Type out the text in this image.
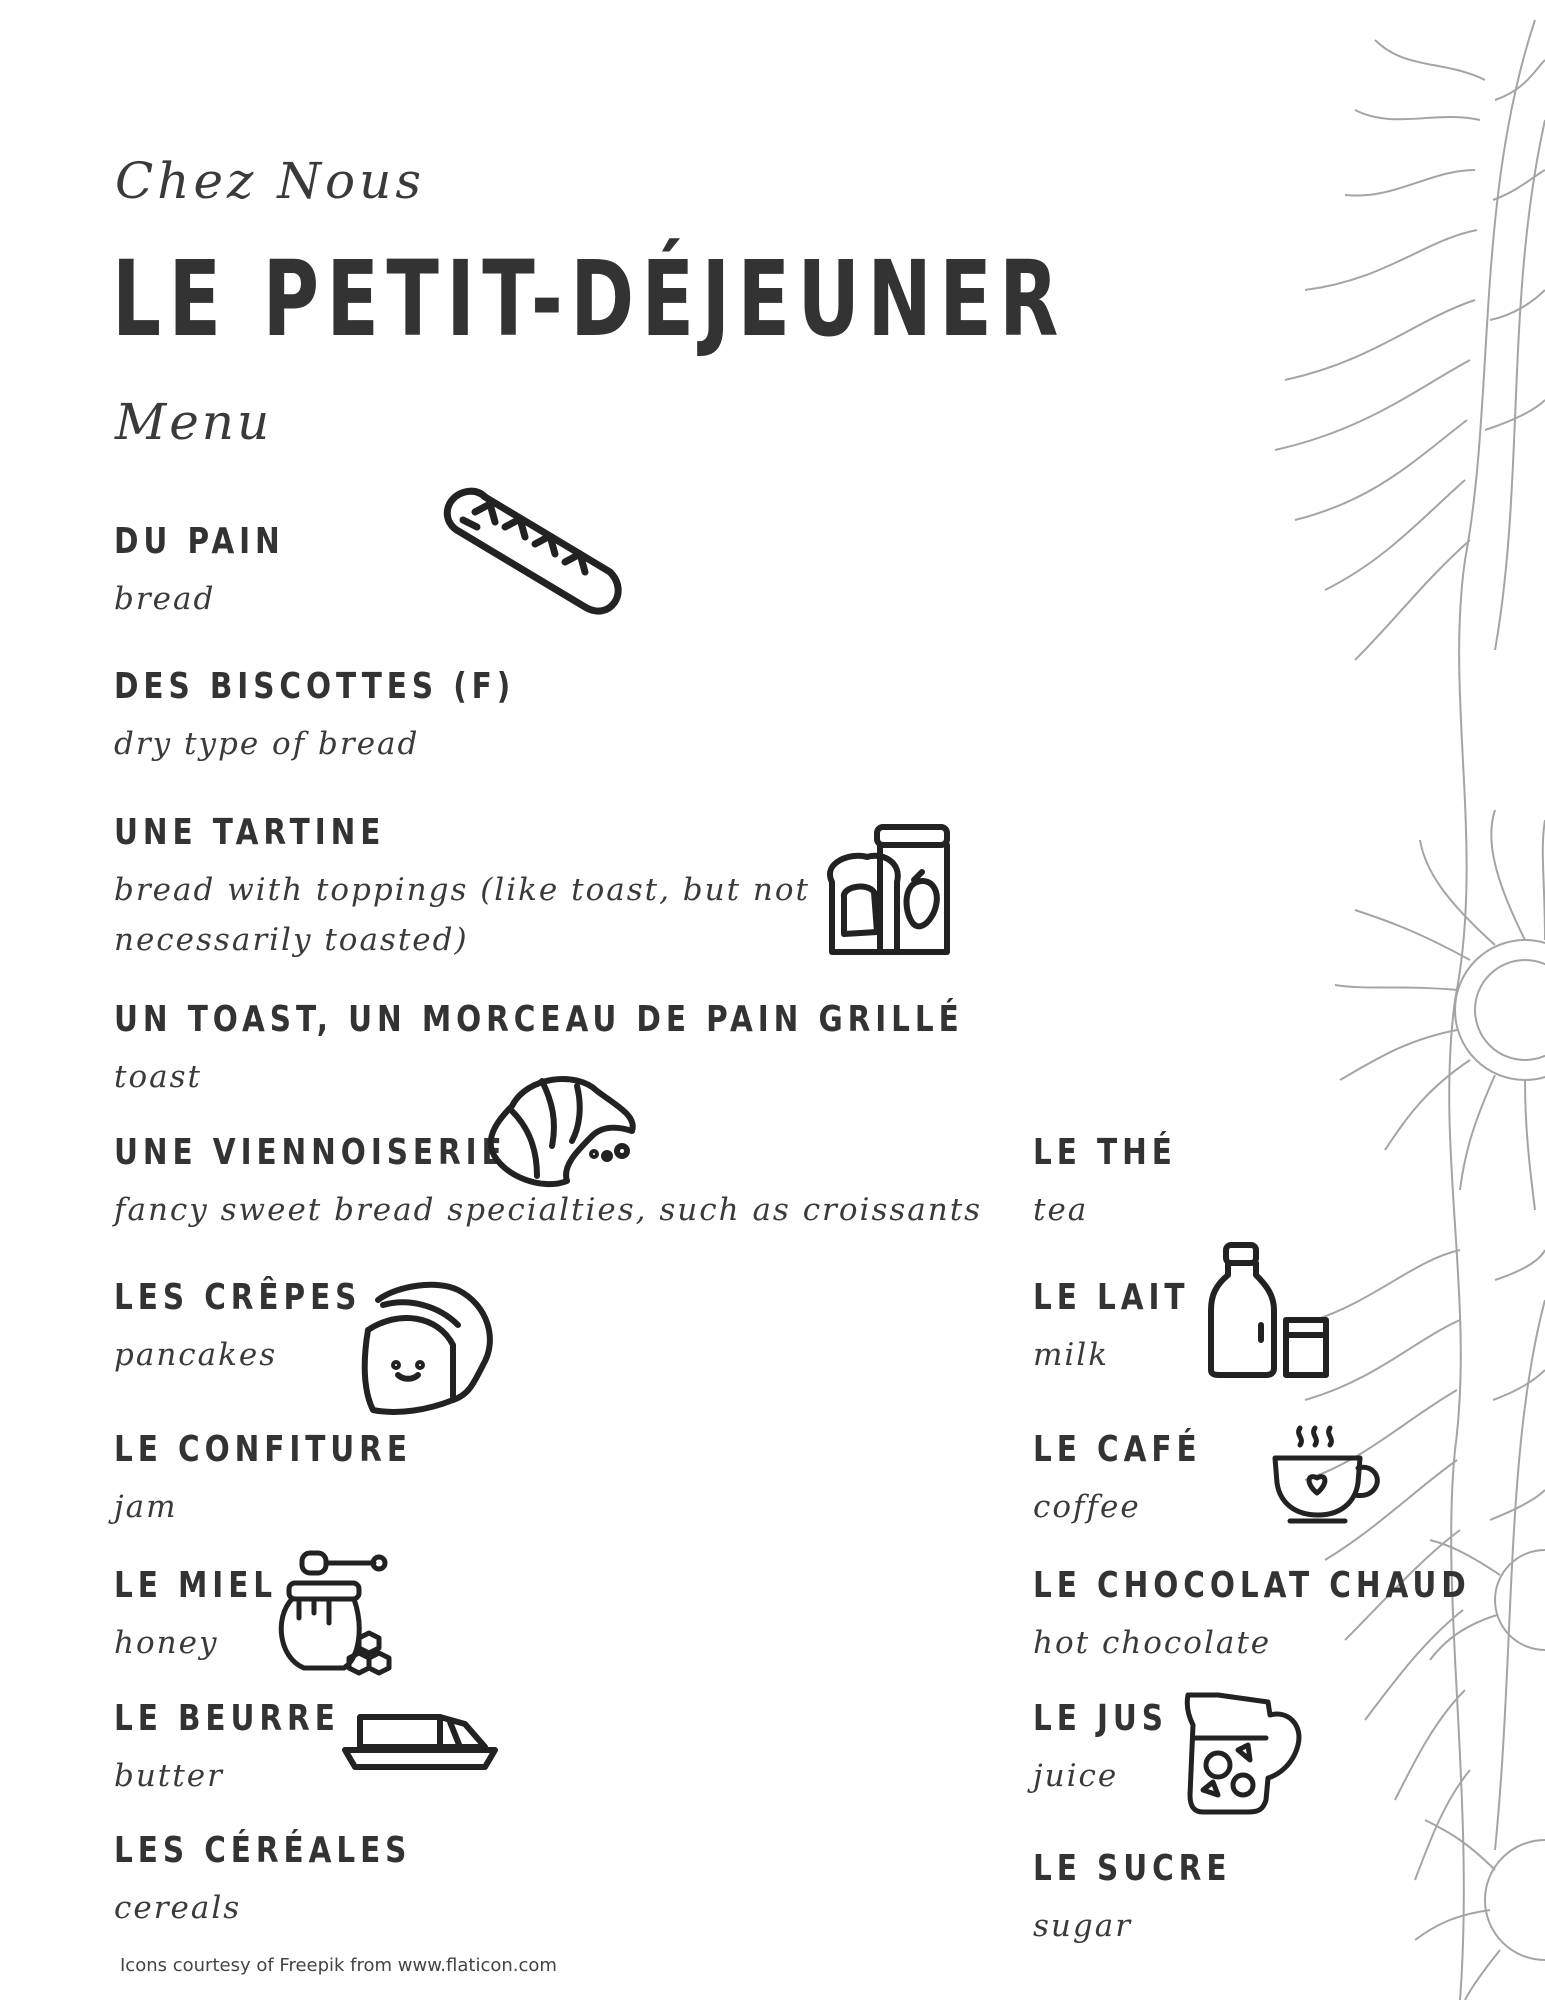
Chez Nous
LE PETIT-DÉJEUNER
Menu
DU PAIN
bread
DES BISCOTTES (F)
dry type of bread
UNE TARTINE
bread with toppings (like toast, but not necessarily toasted)
UN TOAST, UN MORCEAU DE PAIN GRILLÉ
toast
UNE VIENNOISERIE
fancy sweet bread specialties, such as croissants
LES CRÊPES
pancakes
LE CONFITURE
jam
LE MIEL
honey
LE BEURRE
butter
LES CÉRÉALES
cereals
LE THÉ
tea
LE LAIT
milk
LE CAFÉ
coffee
LE CHOCOLAT CHAUD
hot chocolate
LE JUS
juice
LE SUCRE
sugar
Icons courtesy of Freepik from www.flaticon.com
